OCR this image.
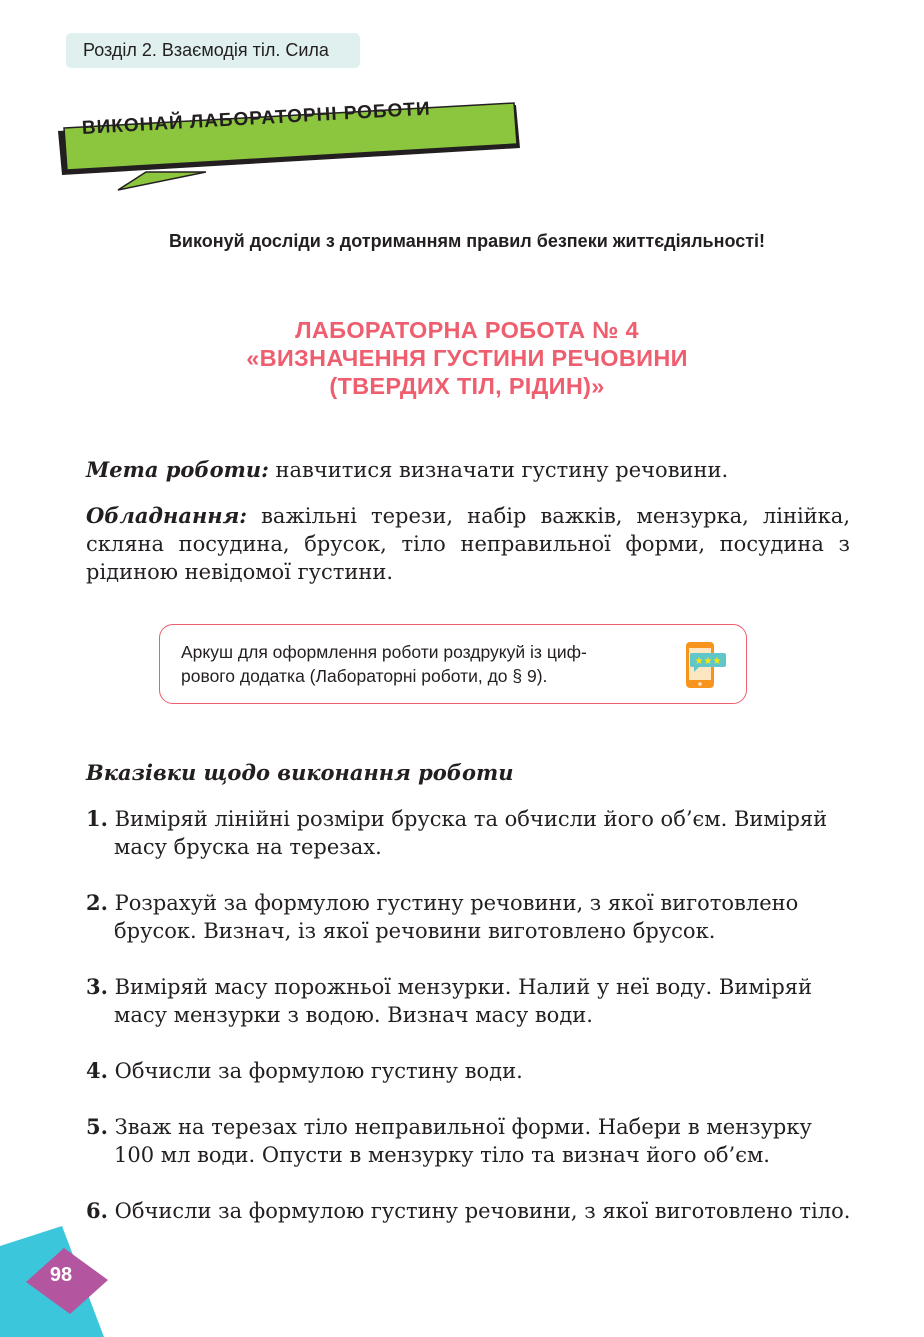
Розділ 2. Взаємодія тіл. Сила
ВИКОНАЙ ЛАБОРАТОРНІ РОБОТИ
Виконуй досліди з дотриманням правил безпеки життєдіяльності!
ЛАБОРАТОРНА РОБОТА № 4
«ВИЗНАЧЕННЯ ГУСТИНИ РЕЧОВИНИ
(ТВЕРДИХ ТІЛ, РІДИН)»
Мета роботи: навчитися визначати густину речовини.
Обладнання: важільні терези, набір важків, мензурка, лінійка, скляна посудина, брусок, тіло неправильної форми, посудина з рідиною невідомої густини.
Аркуш для оформлення роботи роздрукуй із циф-
рового додатка (Лабораторні роботи, до § 9).
★★★
Вказівки щодо виконання роботи
1. Виміряй лінійні розміри бруска та обчисли його об’єм. Виміряй
масу бруска на терезах.
2. Розрахуй за формулою густину речовини, з якої виготовлено
брусок. Визнач, із якої речовини виготовлено брусок.
3. Виміряй масу порожньої мензурки. Налий у неї воду. Виміряй
масу мензурки з водою. Визнач масу води.
4. Обчисли за формулою густину води.
5. Зваж на терезах тіло неправильної форми. Набери в мензурку
100 мл води. Опусти в мензурку тіло та визнач його об’єм.
6. Обчисли за формулою густину речовини, з якої виготовлено тіло.
98
